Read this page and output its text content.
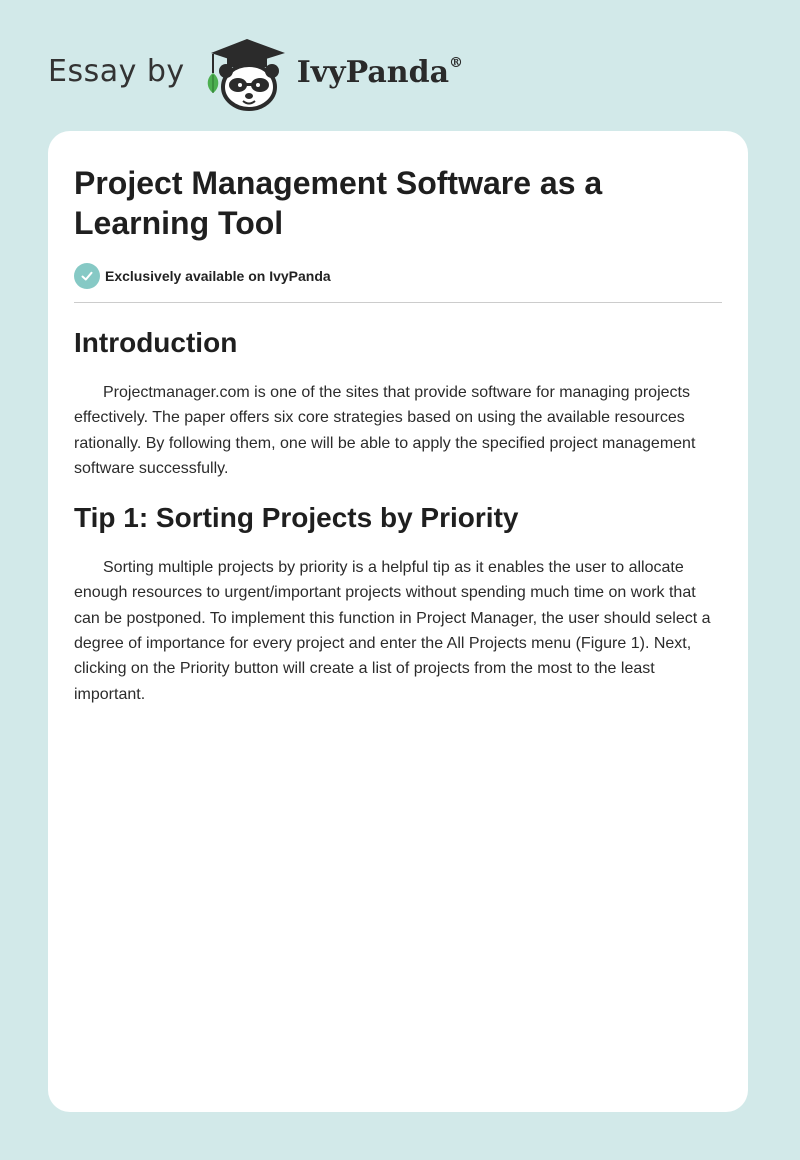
Essay by	IvyPanda®
Project Management Software as a Learning Tool
Exclusively available on IvyPanda
Introduction

Projectmanager.com is one of the sites that provide software for managing projects effectively. The paper offers six core strategies based on using the available resources rationally. By following them, one will be able to apply the specified project management software successfully.

Tip 1: Sorting Projects by Priority

Sorting multiple projects by priority is a helpful tip as it enables the user to allocate enough resources to urgent/important projects without spending much time on work that can be postponed. To implement this function in Project Manager, the user should select a degree of importance for every project and enter the All Projects menu (Figure 1). Next, clicking on the Priority button will create a list of projects from the most to the least important.
